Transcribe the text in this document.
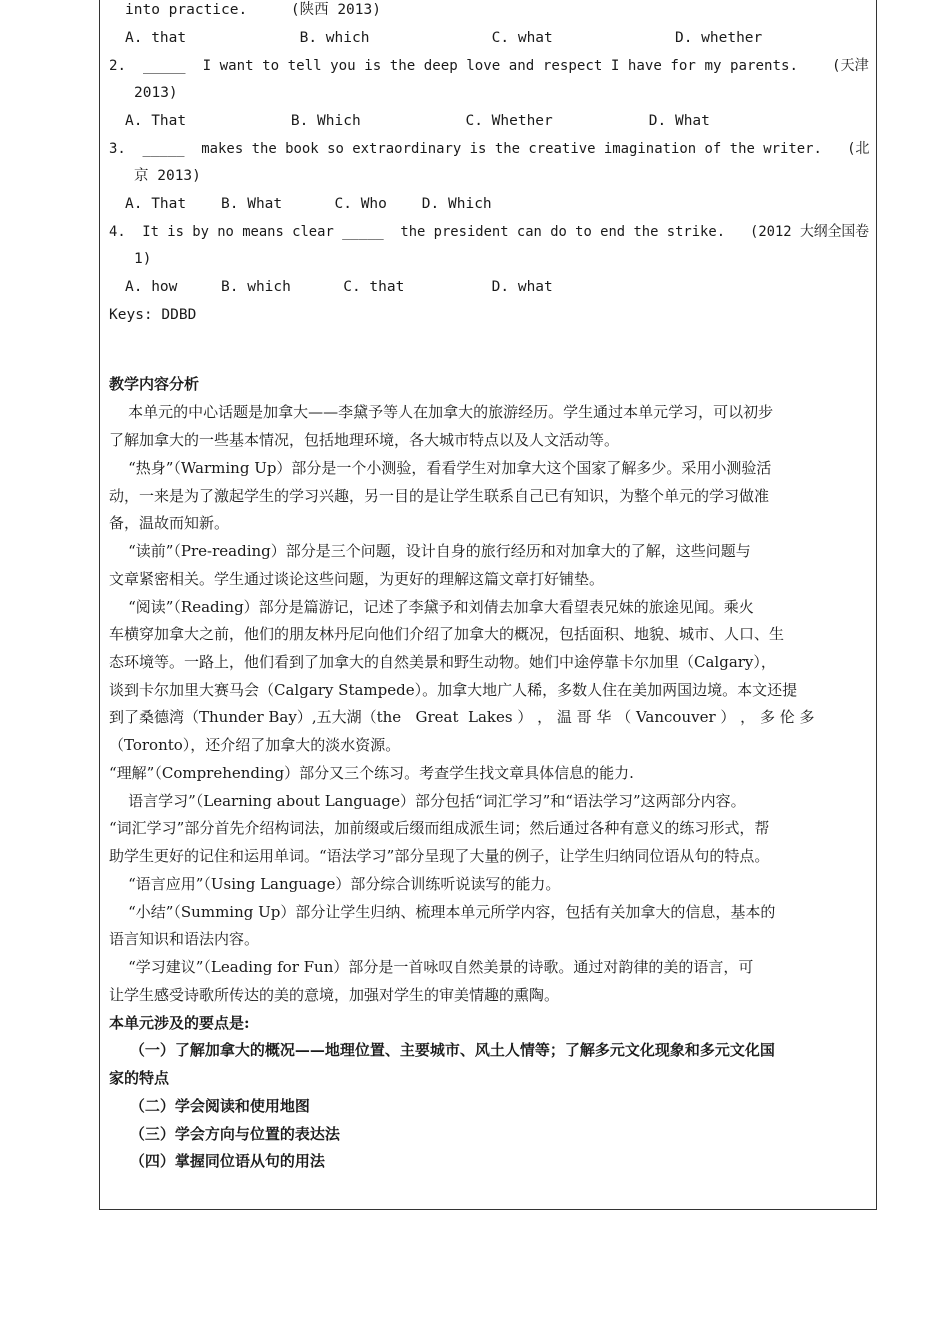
into practice.     (陕西 2013)
A. that             B. which              C. what              D. whether
2.  _____  I want to tell you is the deep love and respect I have for my parents.    (天津
2013)
A. That            B. Which            C. Whether           D. What
3.  _____  makes the book so extraordinary is the creative imagination of the writer.   (北
京 2013)
A. That    B. What      C. Who    D. Which
4.  It is by no means clear _____  the president can do to end the strike.   (2012 大纲全国卷
1)
A. how     B. which      C. that          D. what
Keys: DDBD
教学内容分析
本单元的中心话题是加拿大——李黛予等人在加拿大的旅游经历。学生通过本单元学习，可以初步
了解加拿大的一些基本情况，包括地理环境，各大城市特点以及人文活动等。
“热身”（Warming Up）部分是一个小测验，看看学生对加拿大这个国家了解多少。采用小测验活
动，一来是为了激起学生的学习兴趣，另一目的是让学生联系自己已有知识，为整个单元的学习做准
备，温故而知新。
“读前”（Pre-reading）部分是三个问题，设计自身的旅行经历和对加拿大的了解，这些问题与
文章紧密相关。学生通过谈论这些问题，为更好的理解这篇文章打好铺垫。
“阅读”（Reading）部分是篇游记，记述了李黛予和刘倩去加拿大看望表兄妹的旅途见闻。乘火
车横穿加拿大之前，他们的朋友林丹尼向他们介绍了加拿大的概况，包括面积、地貌、城市、人口、生
态环境等。一路上，他们看到了加拿大的自然美景和野生动物。她们中途停靠卡尔加里（Calgary），
谈到卡尔加里大赛马会（Calgary Stampede）。加拿大地广人稀，多数人住在美加两国边境。本文还提
到了桑德湾（Thunder Bay）,五大湖（the   Great  Lakes ） ， 温 哥 华 （ Vancouver ） ， 多 伦 多
（Toronto），还介绍了加拿大的淡水资源。
“理解”（Comprehending）部分又三个练习。考查学生找文章具体信息的能力.
语言学习”（Learning about Language）部分包括“词汇学习”和“语法学习”这两部分内容。
“词汇学习”部分首先介绍构词法，加前缀或后缀而组成派生词；然后通过各种有意义的练习形式，帮
助学生更好的记住和运用单词。“语法学习”部分呈现了大量的例子，让学生归纳同位语从句的特点。
“语言应用”（Using Language）部分综合训练听说读写的能力。
“小结”（Summing Up）部分让学生归纳、梳理本单元所学内容，包括有关加拿大的信息，基本的
语言知识和语法内容。
“学习建议”（Leading for Fun）部分是一首咏叹自然美景的诗歌。通过对韵律的美的语言，可
让学生感受诗歌所传达的美的意境，加强对学生的审美情趣的熏陶。
本单元涉及的要点是:
（一）了解加拿大的概况——地理位置、主要城市、风土人情等；了解多元文化现象和多元文化国
家的特点
（二）学会阅读和使用地图
（三）学会方向与位置的表达法
（四）掌握同位语从句的用法
